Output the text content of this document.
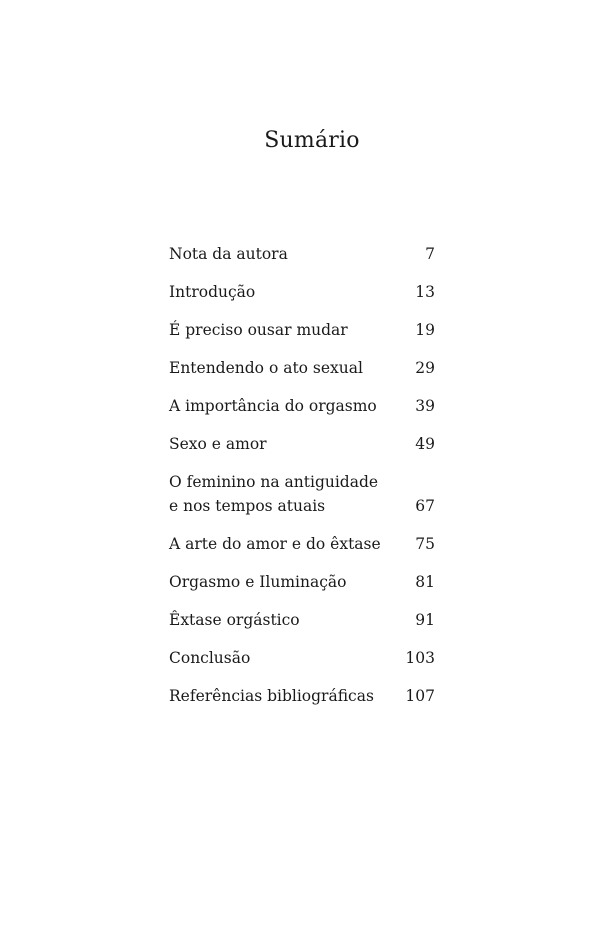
Sumário
Nota da autora	7
Introdução	13
É preciso ousar mudar	19
Entendendo o ato sexual	29
A importância do orgasmo	39
Sexo e amor	49
O feminino na antiguidade
e nos tempos atuais	67
A arte do amor e do êxtase	75
Orgasmo e Iluminação	81
Êxtase orgástico	91
Conclusão	103
Referências bibliográficas 107
